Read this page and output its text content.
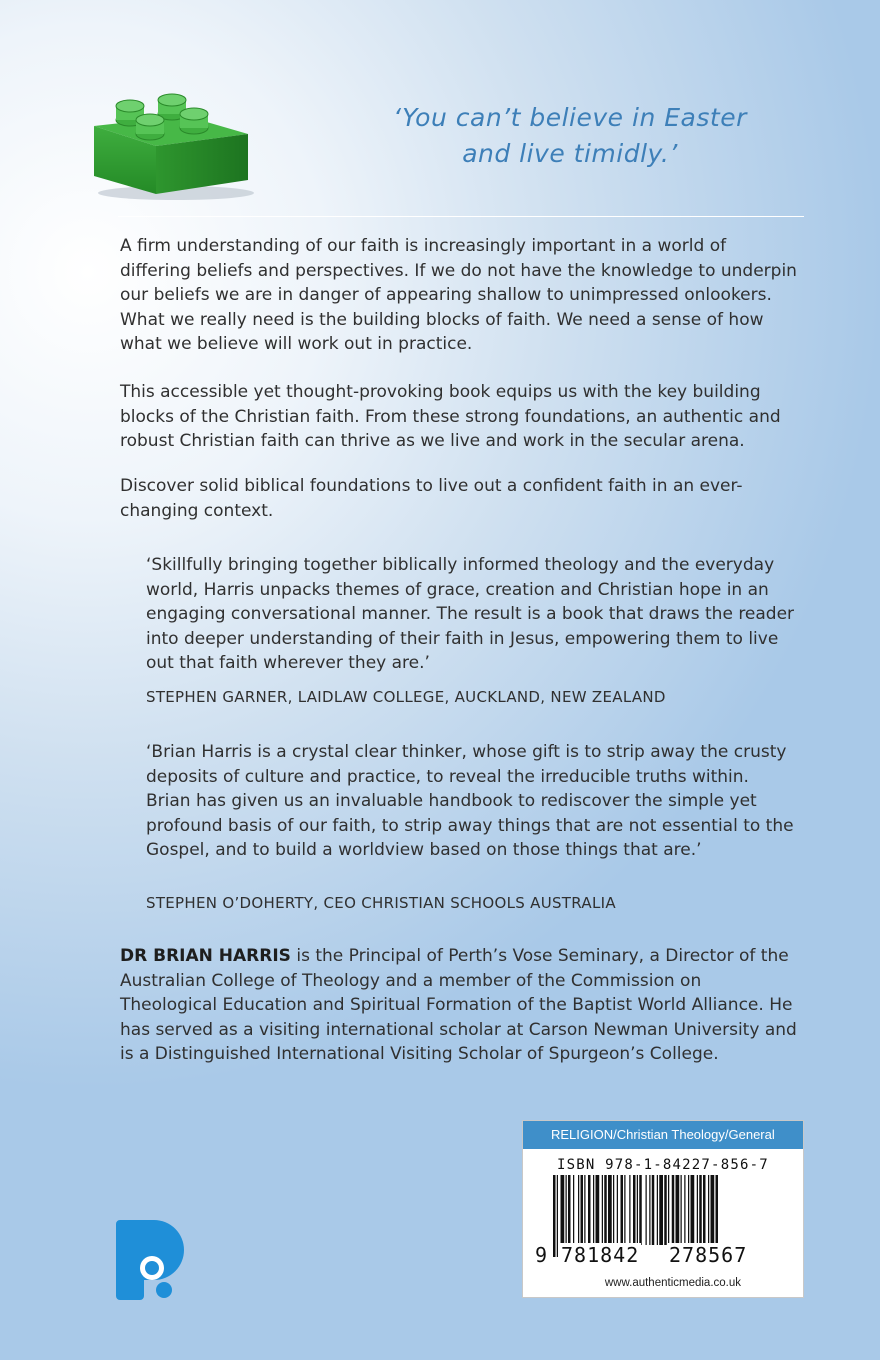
‘You can’t believe in Easter
and live timidly.’

A firm understanding of our faith is increasingly important in a world of differing beliefs and perspectives. If we do not have the knowledge to underpin our beliefs we are in danger of appearing shallow to unimpressed onlookers. What we really need is the building blocks of faith. We need a sense of how what we believe will work out in practice.

This accessible yet thought-provoking book equips us with the key building blocks of the Christian faith. From these strong foundations, an authentic and robust Christian faith can thrive as we live and work in the secular arena.

Discover solid biblical foundations to live out a confident faith in an ever-changing context.

‘Skillfully bringing together biblically informed theology and the everyday world, Harris unpacks themes of grace, creation and Christian hope in an engaging conversational manner. The result is a book that draws the reader into deeper understanding of their faith in Jesus, empowering them to live out that faith wherever they are.’

STEPHEN GARNER, LAIDLAW COLLEGE, AUCKLAND, NEW ZEALAND

‘Brian Harris is a crystal clear thinker, whose gift is to strip away the crusty deposits of culture and practice, to reveal the irreducible truths within. Brian has given us an invaluable handbook to rediscover the simple yet profound basis of our faith, to strip away things that are not essential to the Gospel, and to build a worldview based on those things that are.’

STEPHEN O’DOHERTY, CEO CHRISTIAN SCHOOLS AUSTRALIA

DR BRIAN HARRIS is the Principal of Perth’s Vose Seminary, a Director of the Australian College of Theology and a member of the Commission on Theological Education and Spiritual Formation of the Baptist World Alliance. He has served as a visiting international scholar at Carson Newman University and is a Distinguished International Visiting Scholar of Spurgeon’s College.

RELIGION/Christian Theology/General
ISBN 978-1-84227-856-7
9 781842 278567
www.authenticmedia.co.uk
